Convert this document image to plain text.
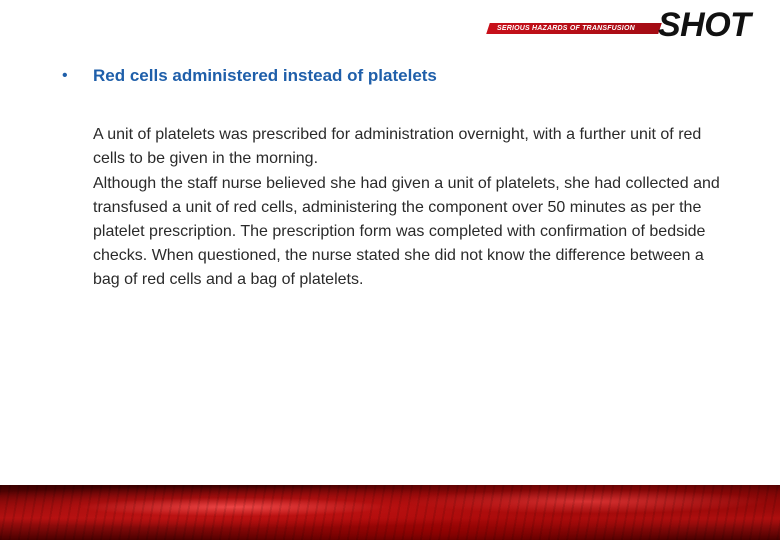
SERIOUS HAZARDS OF TRANSFUSION SHOT
• Red cells administered instead of platelets

A unit of platelets was prescribed for administration overnight, with a further unit of red cells to be given in the morning.

Although the staff nurse believed she had given a unit of platelets, she had collected and transfused a unit of red cells, administering the component over 50 minutes as per the platelet prescription. The prescription form was completed with confirmation of bedside checks. When questioned, the nurse stated she did not know the difference between a bag of red cells and a bag of platelets.
